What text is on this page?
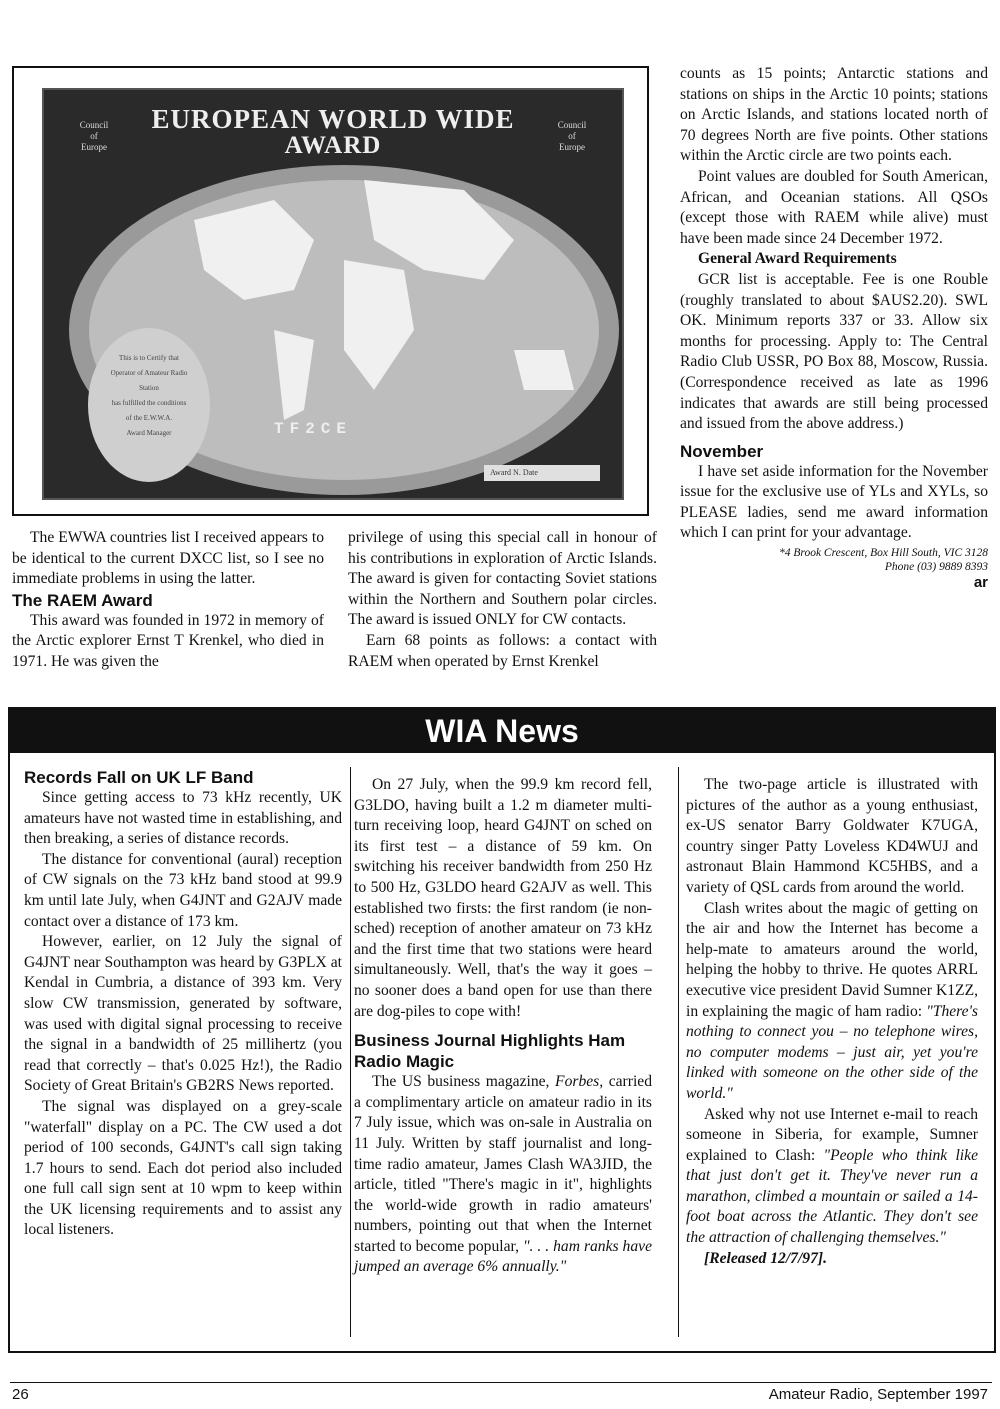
EUROPEAN WORLD WIDE
AWARD
Council
of
Europe
Council
of
Europe
This is to Certify that
Operator of Amateur Radio
Station
has fulfilled the conditions
of the E.W.W.A.
Award Manager	TF2CE
Award N. Date

The EWWA countries list I received appears to be identical to the current DXCC list, so I see no immediate problems in using the latter.

The RAEM Award

This award was founded in 1972 in memory of the Arctic explorer Ernst T Krenkel, who died in 1971. He was given the

privilege of using this special call in honour of his contributions in exploration of Arctic Islands. The award is given for contacting Soviet stations within the Northern and Southern polar circles. The award is issued ONLY for CW contacts.

Earn 68 points as follows: a contact with RAEM when operated by Ernst Krenkel

counts as 15 points; Antarctic stations and stations on ships in the Arctic 10 points; stations on Arctic Islands, and stations located north of 70 degrees North are five points. Other stations within the Arctic circle are two points each.

Point values are doubled for South American, African, and Oceanian stations. All QSOs (except those with RAEM while alive) must have been made since 24 December 1972.

General Award Requirements

GCR list is acceptable. Fee is one Rouble (roughly translated to about $AUS2.20). SWL OK. Minimum reports 337 or 33. Allow six months for processing. Apply to: The Central Radio Club USSR, PO Box 88, Moscow, Russia. (Correspondence received as late as 1996 indicates that awards are still being processed and issued from the above address.)

November

I have set aside information for the November issue for the exclusive use of YLs and XYLs, so PLEASE ladies, send me award information which I can print for your advantage.

*4 Brook Crescent, Box Hill South, VIC 3128
Phone (03) 9889 8393
ar
WIA News
Records Fall on UK LF Band

Since getting access to 73 kHz recently, UK amateurs have not wasted time in establishing, and then breaking, a series of distance records.

The distance for conventional (aural) reception of CW signals on the 73 kHz band stood at 99.9 km until late July, when G4JNT and G2AJV made contact over a distance of 173 km.

However, earlier, on 12 July the signal of G4JNT near Southampton was heard by G3PLX at Kendal in Cumbria, a distance of 393 km. Very slow CW transmission, generated by software, was used with digital signal processing to receive the signal in a bandwidth of 25 millihertz (you read that correctly – that's 0.025 Hz!), the Radio Society of Great Britain's GB2RS News reported.

The signal was displayed on a grey-scale "waterfall" display on a PC. The CW used a dot period of 100 seconds, G4JNT's call sign taking 1.7 hours to send. Each dot period also included one full call sign sent at 10 wpm to keep within the UK licensing requirements and to assist any local listeners.

On 27 July, when the 99.9 km record fell, G3LDO, having built a 1.2 m diameter multi-turn receiving loop, heard G4JNT on sched on its first test – a distance of 59 km. On switching his receiver bandwidth from 250 Hz to 500 Hz, G3LDO heard G2AJV as well. This established two firsts: the first random (ie non-sched) reception of another amateur on 73 kHz and the first time that two stations were heard simultaneously. Well, that's the way it goes – no sooner does a band open for use than there are dog-piles to cope with!

Business Journal Highlights Ham Radio Magic

The US business magazine, Forbes, carried a complimentary article on amateur radio in its 7 July issue, which was on-sale in Australia on 11 July. Written by staff journalist and long-time radio amateur, James Clash WA3JID, the article, titled "There's magic in it", highlights the world-wide growth in radio amateurs' numbers, pointing out that when the Internet started to become popular, ". . . ham ranks have jumped an average 6% annually."

The two-page article is illustrated with pictures of the author as a young enthusiast, ex-US senator Barry Goldwater K7UGA, country singer Patty Loveless KD4WUJ and astronaut Blain Hammond KC5HBS, and a variety of QSL cards from around the world.

Clash writes about the magic of getting on the air and how the Internet has become a help-mate to amateurs around the world, helping the hobby to thrive. He quotes ARRL executive vice president David Sumner K1ZZ, in explaining the magic of ham radio: "There's nothing to connect you – no telephone wires, no computer modems – just air, yet you're linked with someone on the other side of the world."

Asked why not use Internet e-mail to reach someone in Siberia, for example, Sumner explained to Clash: "People who think like that just don't get it. They've never run a marathon, climbed a mountain or sailed a 14-foot boat across the Atlantic. They don't see the attraction of challenging themselves."

[Released 12/7/97].

26	Amateur Radio, September 1997
